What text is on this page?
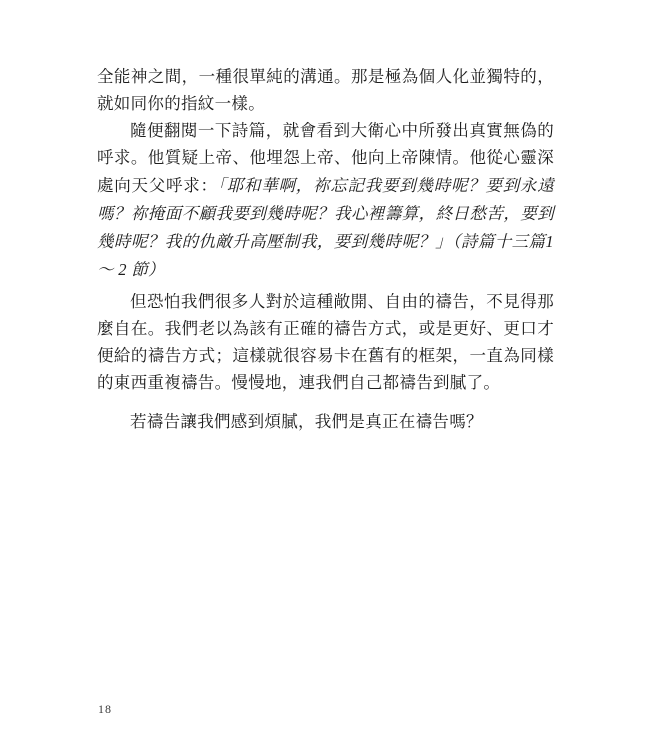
全能神之間，一種很單純的溝通。那是極為個人化並獨特的，就如同你的指紋一樣。

隨便翻閱一下詩篇，就會看到大衛心中所發出真實無偽的呼求。他質疑上帝、他埋怨上帝、他向上帝陳情。他從心靈深處向天父呼求：「耶和華啊，祢忘記我要到幾時呢？要到永遠嗎？祢掩面不顧我要到幾時呢？我心裡籌算，終日愁苦，要到幾時呢？我的仇敵升高壓制我，要到幾時呢？」（詩篇十三篇1 ～ 2 節）

但恐怕我們很多人對於這種敞開、自由的禱告，不見得那麼自在。我們老以為該有正確的禱告方式，或是更好、更口才便給的禱告方式；這樣就很容易卡在舊有的框架，一直為同樣的東西重複禱告。慢慢地，連我們自己都禱告到膩了。

若禱告讓我們感到煩膩，我們是真正在禱告嗎？

18
